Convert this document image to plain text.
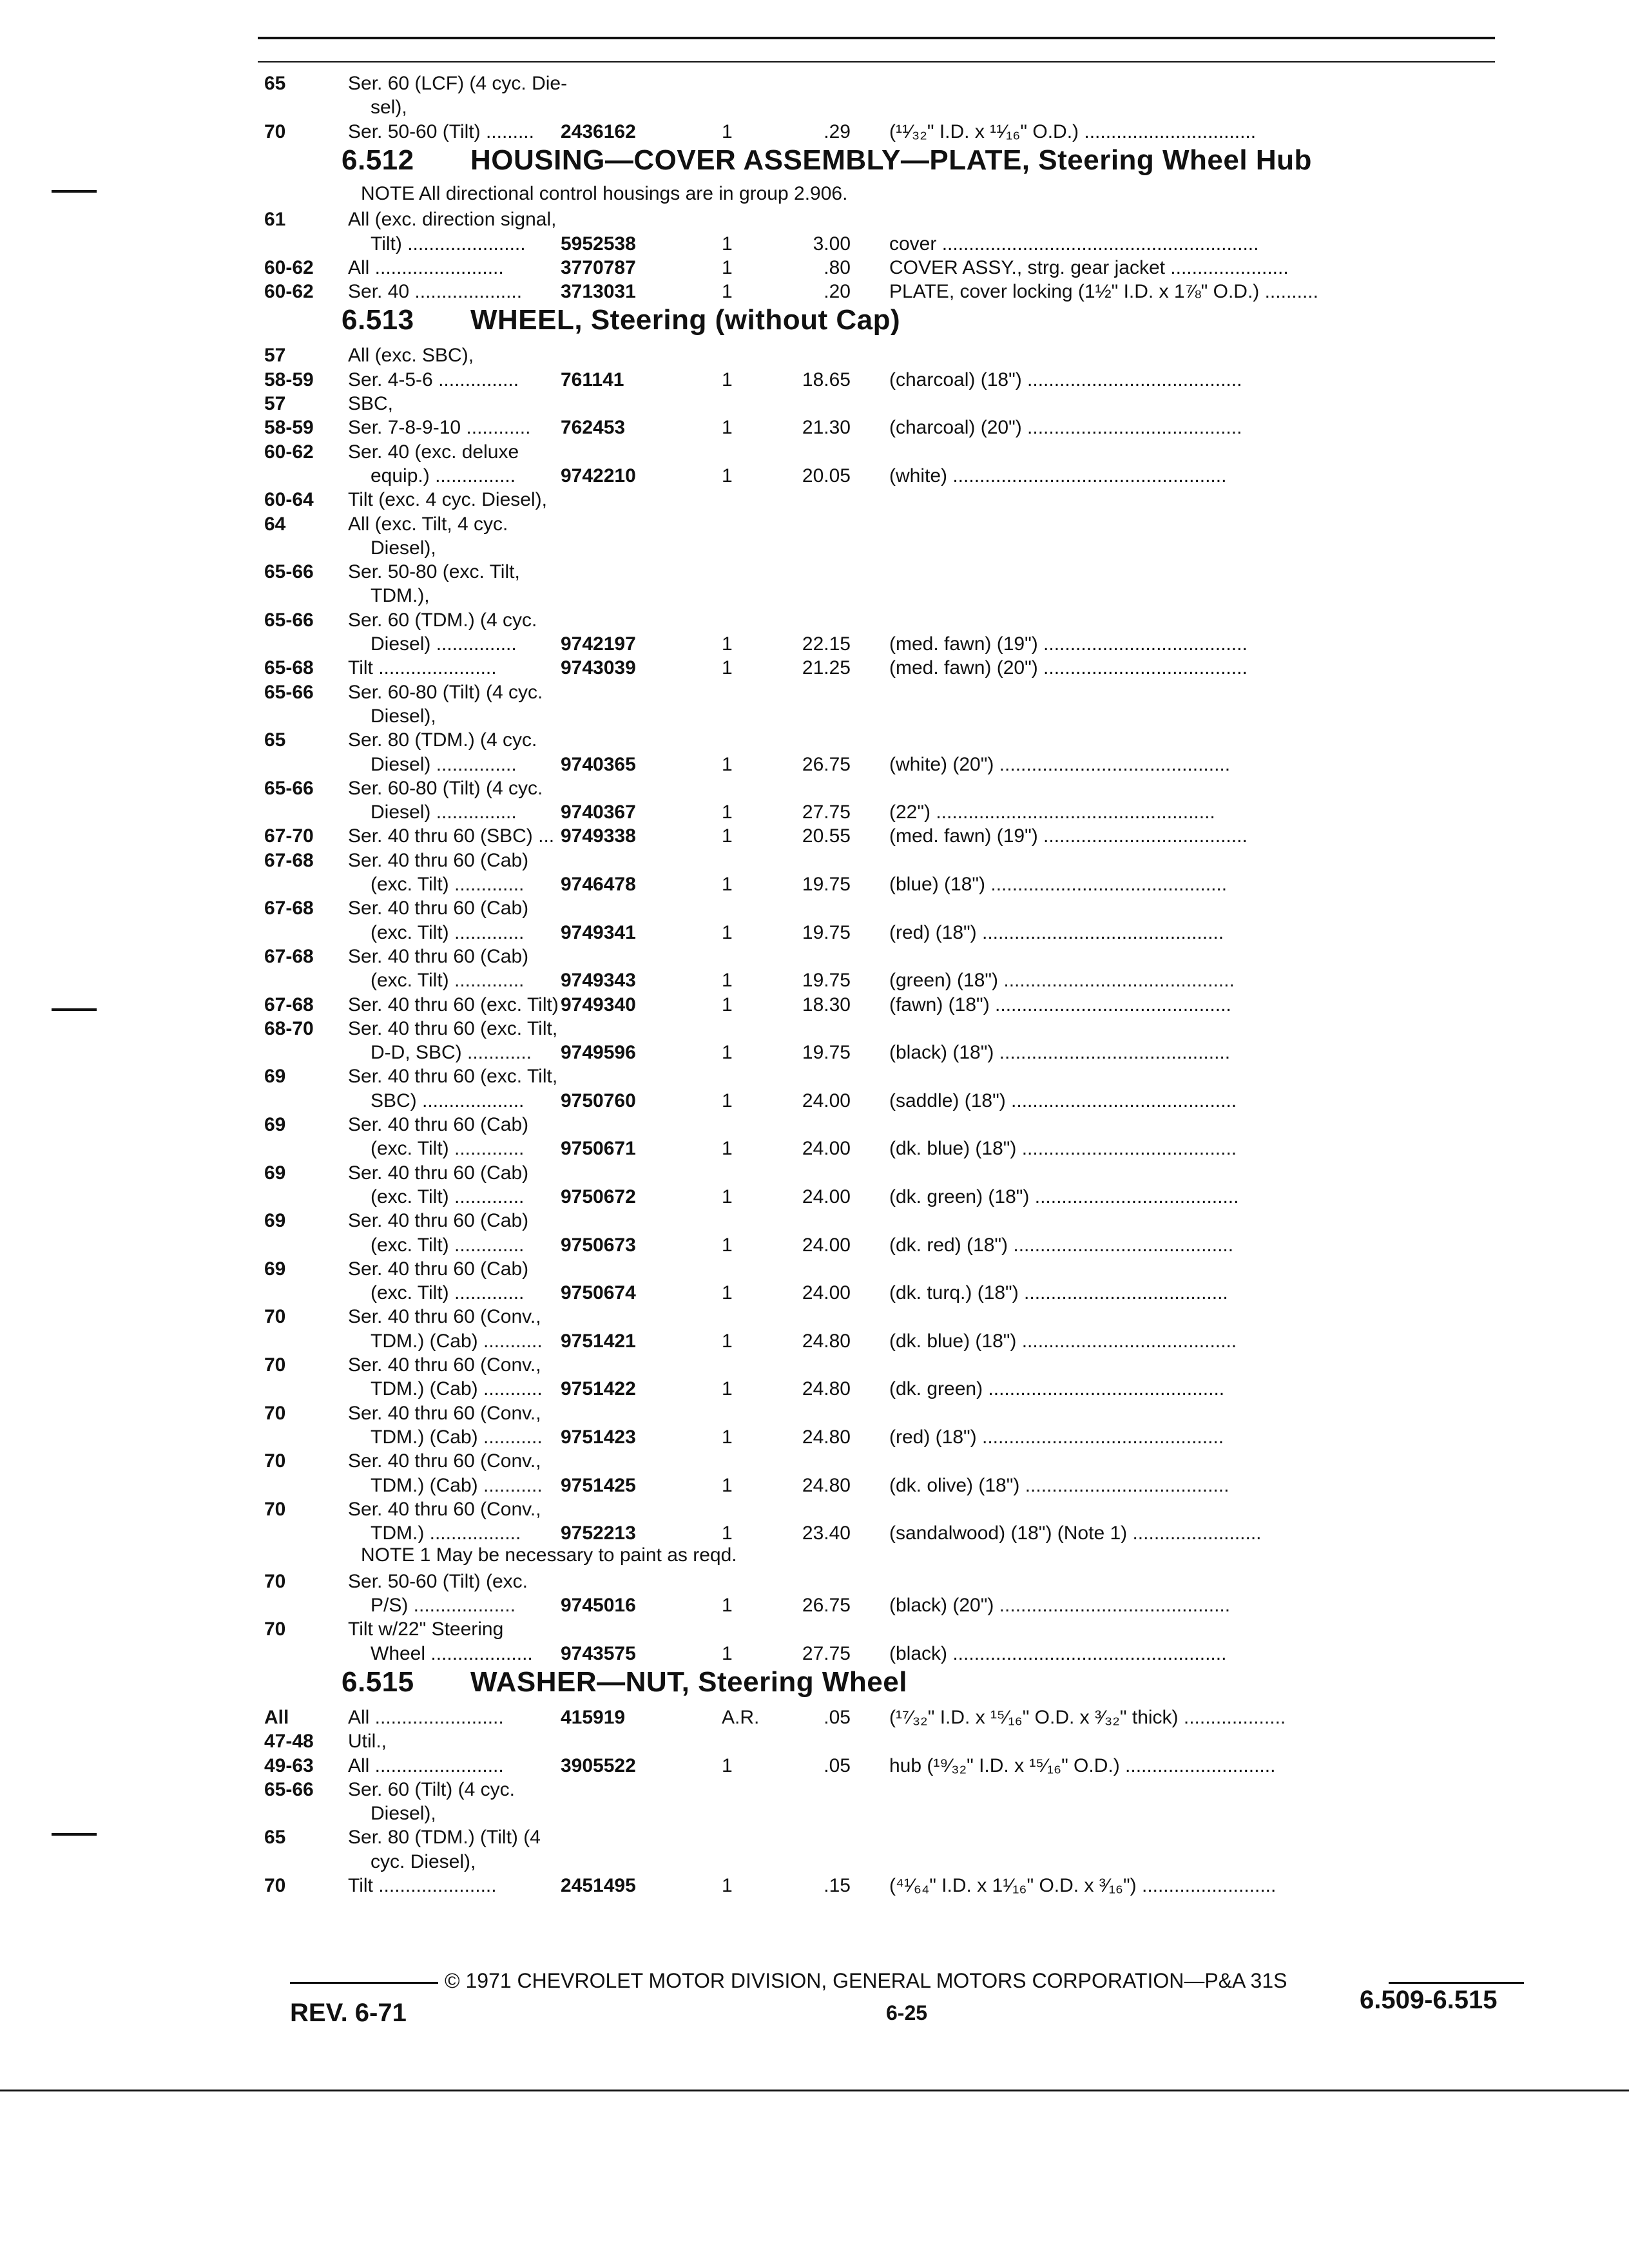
65	Ser. 60 (LCF) (4 cyc. Die-
sel),
70	Ser. 50-60 (Tilt) ......... 2436162	1	.29 (¹¹⁄₃₂" I.D. x ¹¹⁄₁₆" O.D.) ................................
6.512 HOUSING—COVER ASSEMBLY—PLATE, Steering Wheel Hub
NOTE All directional control housings are in group 2.906.
61	All (exc. direction signal,
Tilt) ...................... 5952538	1	3.00 cover ...........................................................
60-62	All ........................	3770787	1	.80 COVER ASSY., strg. gear jacket ......................
60-62	Ser. 40 .................... 3713031	1	.20 PLATE, cover locking (1½" I.D. x 1⅞" O.D.) ..........
6.513 WHEEL, Steering (without Cap)
57	All (exc. SBC),
58-59	Ser. 4-5-6 ............... 761141	1	18.65 (charcoal) (18") ........................................
57	SBC,
58-59	Ser. 7-8-9-10 ............ 762453	1	21.30 (charcoal) (20") ........................................
60-62	Ser. 40 (exc. deluxe
equip.) ............... 9742210	1	20.05 (white) ...................................................
60-64	Tilt (exc. 4 cyc. Diesel),
64	All (exc. Tilt, 4 cyc.
Diesel),
65-66	Ser. 50-80 (exc. Tilt,
TDM.),
65-66	Ser. 60 (TDM.) (4 cyc.
Diesel) ............... 9742197	1	22.15 (med. fawn) (19") ......................................
65-68	Tilt ......................	9743039	1	21.25 (med. fawn) (20") ......................................
65-66	Ser. 60-80 (Tilt) (4 cyc.
Diesel),
65	Ser. 80 (TDM.) (4 cyc.
Diesel) ............... 9740365	1	26.75 (white) (20") ...........................................
65-66	Ser. 60-80 (Tilt) (4 cyc.
Diesel) ............... 9740367	1	27.75 (22") ....................................................
67-70	Ser. 40 thru 60 (SBC) ... 9749338	1	20.55 (med. fawn) (19") ......................................
67-68	Ser. 40 thru 60 (Cab)
(exc. Tilt) ............. 9746478	1	19.75 (blue) (18") ............................................
67-68	Ser. 40 thru 60 (Cab)
(exc. Tilt) ............. 9749341	1	19.75 (red) (18") .............................................
67-68	Ser. 40 thru 60 (Cab)
(exc. Tilt) ............. 9749343	1	19.75 (green) (18") ...........................................
67-68	Ser. 40 thru 60 (exc. Tilt) 9749340	1	18.30 (fawn) (18") ............................................
68-70	Ser. 40 thru 60 (exc. Tilt,
D-D, SBC) ............ 9749596	1	19.75 (black) (18") ...........................................
69	Ser. 40 thru 60 (exc. Tilt,
SBC) ................... 9750760	1	24.00 (saddle) (18") ..........................................
69	Ser. 40 thru 60 (Cab)
(exc. Tilt) ............. 9750671	1	24.00 (dk. blue) (18") ........................................
69	Ser. 40 thru 60 (Cab)
(exc. Tilt) ............. 9750672	1	24.00 (dk. green) (18") ......................................
69	Ser. 40 thru 60 (Cab)
(exc. Tilt) ............. 9750673	1	24.00 (dk. red) (18") .........................................
69	Ser. 40 thru 60 (Cab)
(exc. Tilt) ............. 9750674	1	24.00 (dk. turq.) (18") ......................................
70	Ser. 40 thru 60 (Conv.,
TDM.) (Cab) ........... 9751421	1	24.80 (dk. blue) (18") ........................................
70	Ser. 40 thru 60 (Conv.,
TDM.) (Cab) ........... 9751422	1	24.80 (dk. green) ............................................
70	Ser. 40 thru 60 (Conv.,
TDM.) (Cab) ........... 9751423	1	24.80 (red) (18") .............................................
70	Ser. 40 thru 60 (Conv.,
TDM.) (Cab) ........... 9751425	1	24.80 (dk. olive) (18") ......................................
70	Ser. 40 thru 60 (Conv.,
TDM.) ................. 9752213	1	23.40 (sandalwood) (18") (Note 1) ........................
NOTE 1 May be necessary to paint as reqd.
70	Ser. 50-60 (Tilt) (exc.
P/S) ................... 9745016	1	26.75 (black) (20") ...........................................
70	Tilt w/22" Steering
Wheel ................... 9743575	1	27.75 (black) ...................................................
6.515 WASHER—NUT, Steering Wheel
All	All ........................	415919	A.R.	.05 (¹⁷⁄₃₂" I.D. x ¹⁵⁄₁₆" O.D. x ³⁄₃₂" thick) ...................
47-48	Util.,
49-63	All ........................	3905522	1	.05 hub (¹⁹⁄₃₂" I.D. x ¹⁵⁄₁₆" O.D.) ............................
65-66	Ser. 60 (Tilt) (4 cyc.
Diesel),
65	Ser. 80 (TDM.) (Tilt) (4
cyc. Diesel),
70	Tilt ......................	2451495	1	.15 (⁴¹⁄₆₄" I.D. x 1¹⁄₁₆" O.D. x ³⁄₁₆") .........................
© 1971 CHEVROLET MOTOR DIVISION, GENERAL MOTORS CORPORATION—P&A 31S
REV. 6-71	6-25	6.509-6.515
